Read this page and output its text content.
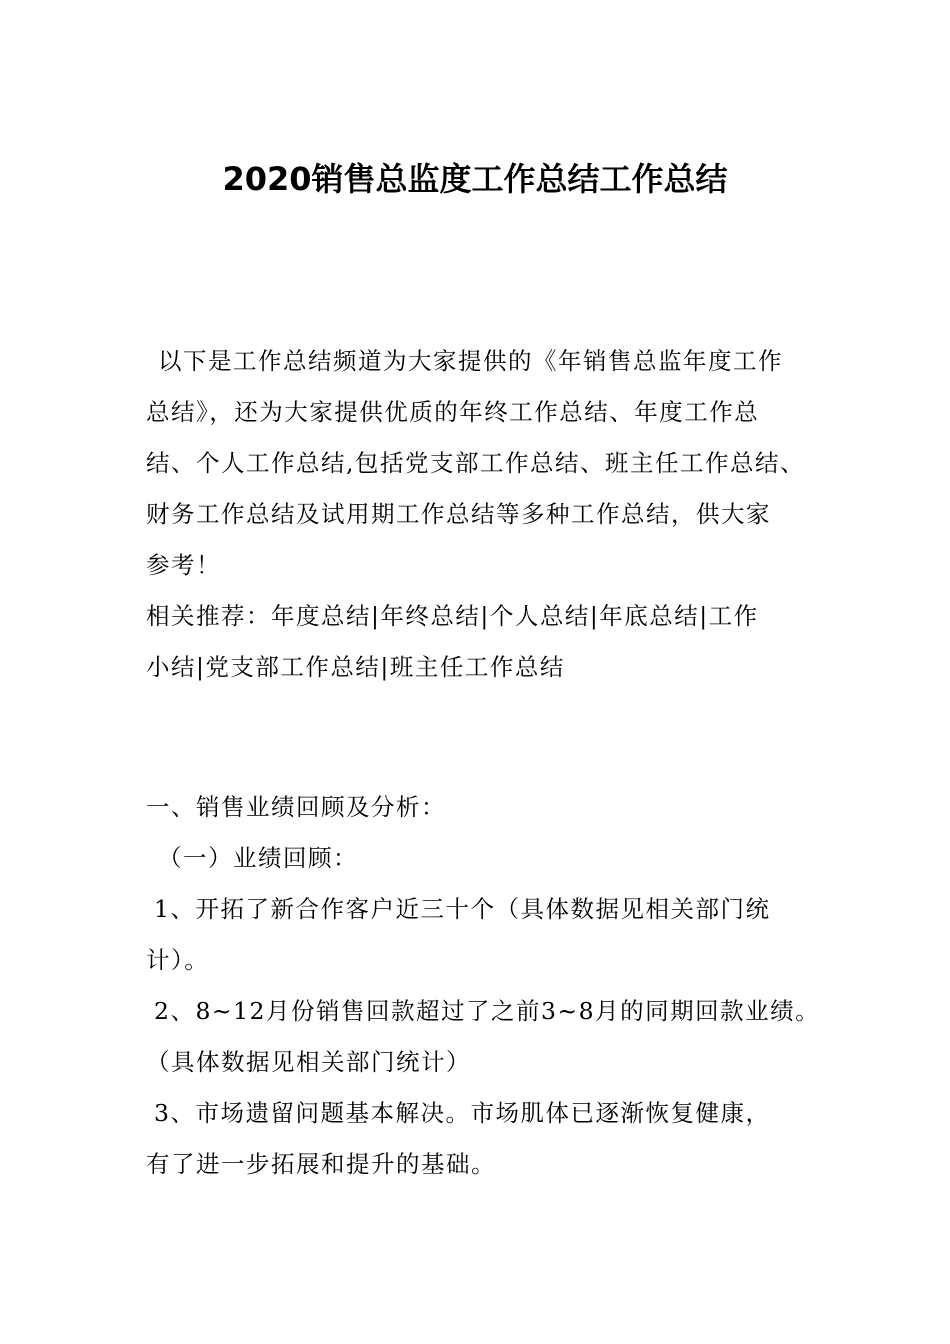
2020销售总监度工作总结工作总结
以下是工作总结频道为大家提供的《年销售总监年度工作
总结》，还为大家提供优质的年终工作总结、年度工作总
结、个人工作总结,包括党支部工作总结、班主任工作总结、
财务工作总结及试用期工作总结等多种工作总结，供大家
参考！
相关推荐：年度总结|年终总结|个人总结|年底总结|工作
小结|党支部工作总结|班主任工作总结
一、销售业绩回顾及分析：
（一）业绩回顾：
1、开拓了新合作客户近三十个（具体数据见相关部门统
计）。
2、8~12月份销售回款超过了之前3~8月的同期回款业绩。
（具体数据见相关部门统计）
3、市场遗留问题基本解决。市场肌体已逐渐恢复健康，
有了进一步拓展和提升的基础。
